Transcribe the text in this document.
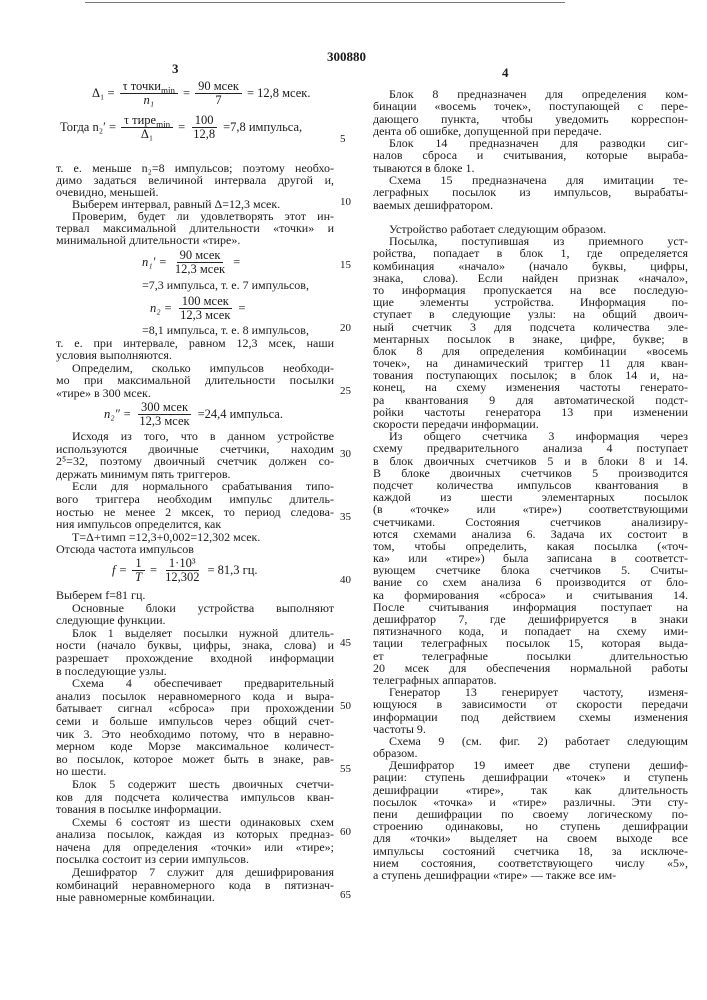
300880
3	4
Δ₁ = τ точкиmin
n₁ = 90 мсек
7 = 12,8 мсек.
Тогда n₂′ = τ тиреmin
Δ₁ = 100
12,8 =7,8 импульса,
n₁′ = 90 мсек
12,3 мсек =
=7,3 импульса, т. е. 7 импульсов,
n₂ = 100 мсек
12,3 мсек =
n₂″ = 300 мсек
12,3 мсек =24,4 импульса.
f = 1
T = 1·10³
12,302 = 81,3 гц.
т. е. меньше n₂=8 импульсов; поэтому необхо-
димо задаться величиной интервала другой и,
очевидно, меньшей.
Выберем интервал, равный Δ=12,3 мсек.
Проверим, будет ли удовлетворять этот ин-
тервал максимальной длительности «точки» и
минимальной длительности «тире».
=8,1 импульса, т. е. 8 импульсов,
т. е. при интервале, равном 12,3 мсек, наши
условия выполняются.
Определим, сколько импульсов необходи-
мо при максимальной длительности посылки
«тире» в 300 мсек.
Исходя из того, что в данном устройстве
используются двоичные счетчики, находим
2⁵=32, поэтому двоичный счетчик должен со-
держать минимум пять триггеров.
Если для нормального срабатывания типо-
вого триггера необходим импульс длитель-
ностью не менее 2 мксек, то период следова-
ния импульсов определится, как
T=Δ+τимп =12,3+0,002=12,302 мсек.
Отсюда частота импульсов
Выберем f=81 гц.
Основные блоки устройства выполняют
следующие функции.
Блок 1 выделяет посылки нужной длитель-
ности (начало буквы, цифры, знака, слова) и
разрешает прохождение входной информации
в последующие узлы.
Схема 4 обеспечивает предварительный
анализ посылок неравномерного кода и выра-
батывает сигнал «сброса» при прохождении
семи и больше импульсов через общий счет-
чик 3. Это необходимо потому, что в неравно-
мерном коде Морзе максимальное количест-
во посылок, которое может быть в знаке, рав-
но шести.
Блок 5 содержит шесть двоичных счетчи-
ков для подсчета количества импульсов кван-
тования в посылке информации.
Схемы 6 состоят из шести одинаковых схем
анализа посылок, каждая из которых предназ-
начена для определения «точки» или «тире»;
посылка состоит из серии импульсов.
Дешифратор 7 служит для дешифрирования
комбинаций неравномерного кода в пятизнач-
ные равномерные комбинации.
Блок 8 предназначен для определения ком-
бинации «восемь точек», поступающей с пере-
дающего пункта, чтобы уведомить корреспон-
дента об ошибке, допущенной при передаче.
Блок 14 предназначен для разводки сиг-
налов сброса и считывания, которые выраба-
тываются в блоке 1.
Схема 15 предназначена для имитации те-
леграфных посылок из импульсов, вырабаты-
ваемых дешифратором.
Устройство работает следующим образом.
Посылка, поступившая из приемного уст-
ройства, попадает в блок 1, где определяется
комбинация «начало» (начало буквы, цифры,
знака, слова). Если найден признак «начало»,
то информация пропускается на все последую-
щие элементы устройства. Информация по-
ступает в следующие узлы: на общий двоич-
ный счетчик 3 для подсчета количества эле-
ментарных посылок в знаке, цифре, букве; в
блок 8 для определения комбинации «восемь
точек», на динамический триггер 11 для кван-
тования поступающих посылок; в блок 14 и, на-
конец, на схему изменения частоты генерато-
ра квантования 9 для автоматической подст-
ройки частоты генератора 13 при изменении
скорости передачи информации.
Из общего счетчика 3 информация через
схему предварительного анализа 4 поступает
в блок двоичных счетчиков 5 и в блоки 8 и 14.
В блоке двоичных счетчиков 5 производится
подсчет количества импульсов квантования в
каждой из шести элементарных посылок
(в «точке» или «тире») соответствующими
счетчиками. Состояния счетчиков анализиру-
ются схемами анализа 6. Задача их состоит в
том, чтобы определить, какая посылка («точ-
ка» или «тире») была записана в соответст-
вующем счетчике блока счетчиков 5. Считы-
вание со схем анализа 6 производится от бло-
ка формирования «сброса» и считывания 14.
После считывания информация поступает на
дешифратор 7, где дешифрируется в знаки
пятизначного кода, и попадает на схему ими-
тации телеграфных посылок 15, которая выда-
ет телеграфные посылки длительностью
20 мсек для обеспечения нормальной работы
телеграфных аппаратов.
Генератор 13 генерирует частоту, изменя-
ющуюся в зависимости от скорости передачи
информации под действием схемы изменения
частоты 9.
Схема 9 (см. фиг. 2) работает следующим
образом.
Дешифратор 19 имеет две ступени дешиф-
рации: ступень дешифрации «точек» и ступень
дешифрации «тире», так как длительность
посылок «точка» и «тире» различны. Эти сту-
пени дешифрации по своему логическому по-
строению одинаковы, но ступень дешифрации
для «точки» выделяет на своем выходе все
импульсы состояний счетчика 18, за исключе-
нием состояния, соответствующего числу «5»,
а ступень дешифрации «тире» — также все им-
5
10
15
20
25
30
35
40
45
50
55
60
65
